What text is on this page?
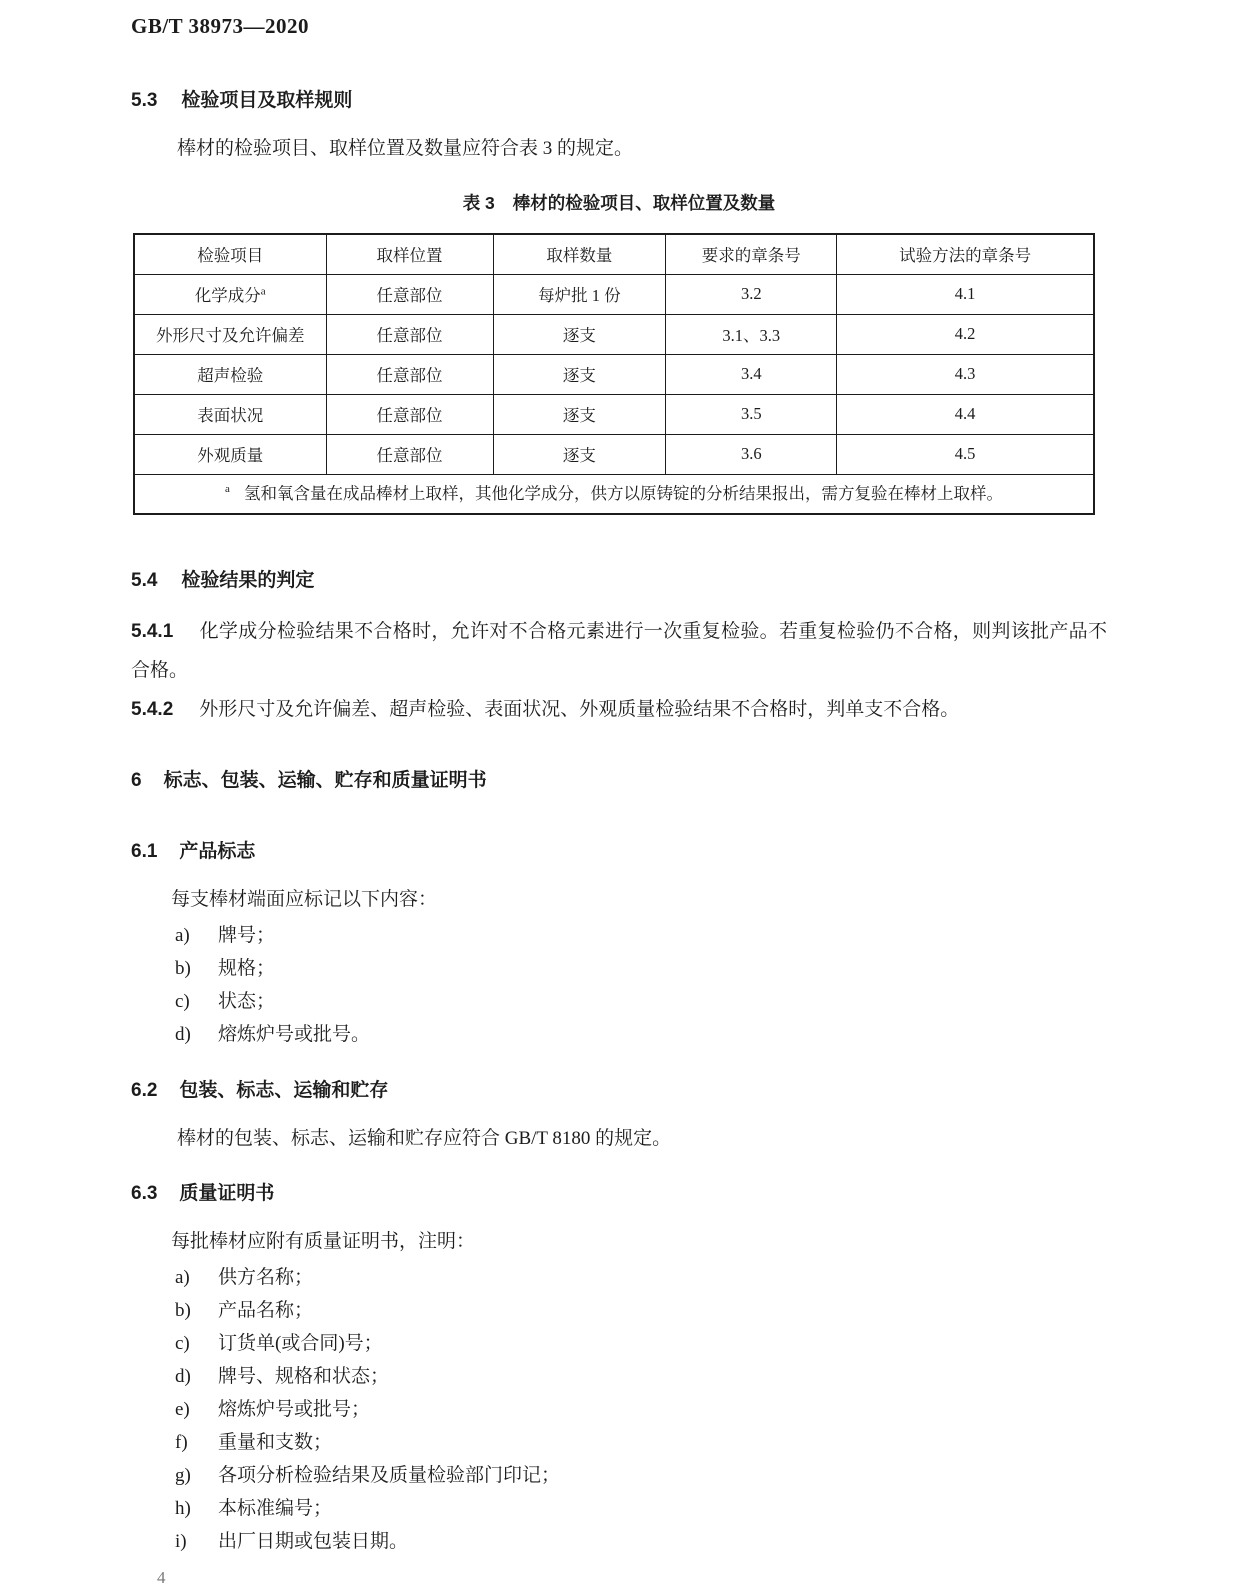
GB/T 38973—2020
5.3 检验项目及取样规则

棒材的检验项目、取样位置及数量应符合表 3 的规定。

表 3 棒材的检验项目、取样位置及数量
检验项目	取样位置	取样数量	要求的章条号	试验方法的章条号
化学成分$^a$	任意部位	每炉批 1 份	3.2	4.1
外形尺寸及允许偏差	任意部位	逐支	3.1、3.3	4.2
超声检验	任意部位	逐支	3.4	4.3
表面状况	任意部位	逐支	3.5	4.4
外观质量	任意部位	逐支	3.6	4.5
$^a$ 氢和氧含量在成品棒材上取样，其他化学成分，供方以原铸锭的分析结果报出，需方复验在棒材上取样。				
5.4 检验结果的判定

5.4.1 化学成分检验结果不合格时，允许对不合格元素进行一次重复检验。若重复检验仍不合格，则判该批产品不合格。

5.4.2 外形尺寸及允许偏差、超声检验、表面状况、外观质量检验结果不合格时，判单支不合格。

6 标志、包装、运输、贮存和质量证明书
6.1 产品标志

每支棒材端面应标记以下内容：

a) 牌号；
b) 规格；
c) 状态；
d) 熔炼炉号或批号。
6.2 包装、标志、运输和贮存

棒材的包装、标志、运输和贮存应符合 GB/T 8180 的规定。

6.3 质量证明书

每批棒材应附有质量证明书，注明：

a) 供方名称；
b) 产品名称；
c) 订货单(或合同)号；
d) 牌号、规格和状态；
e) 熔炼炉号或批号；
f) 重量和支数；
g) 各项分析检验结果及质量检验部门印记；
h) 本标准编号；
i) 出厂日期或包装日期。
4
